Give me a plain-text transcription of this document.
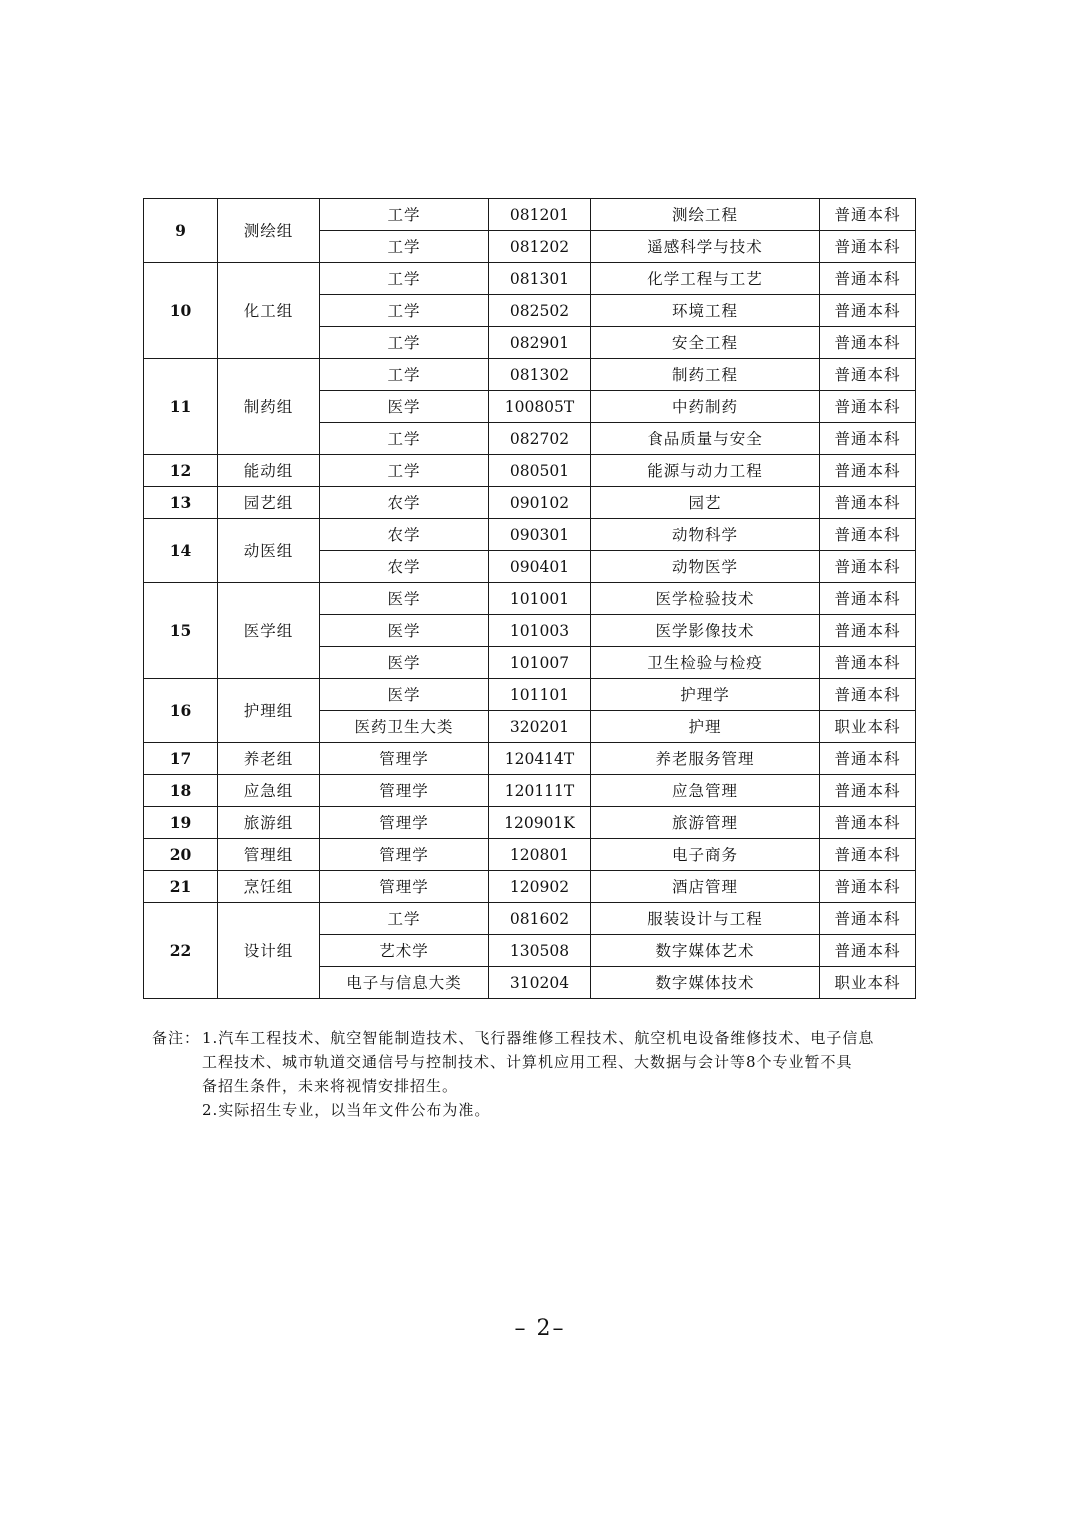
9	测绘组	工学	081201	测绘工程	普通本科
		工学	081202	遥感科学与技术	普通本科
10	化工组	工学	081301	化学工程与工艺	普通本科
		工学	082502	环境工程	普通本科
		工学	082901	安全工程	普通本科
11	制药组	工学	081302	制药工程	普通本科
		医学	100805T	中药制药	普通本科
		工学	082702	食品质量与安全	普通本科
12	能动组	工学	080501	能源与动力工程	普通本科
13	园艺组	农学	090102	园艺	普通本科
14	动医组	农学	090301	动物科学	普通本科
		农学	090401	动物医学	普通本科
15	医学组	医学	101001	医学检验技术	普通本科
		医学	101003	医学影像技术	普通本科
		医学	101007	卫生检验与检疫	普通本科
16	护理组	医学	101101	护理学	普通本科
		医药卫生大类	320201	护理	职业本科
17	养老组	管理学	120414T	养老服务管理	普通本科
18	应急组	管理学	120111T	应急管理	普通本科
19	旅游组	管理学	120901K	旅游管理	普通本科
20	管理组	管理学	120801	电子商务	普通本科
21	烹饪组	管理学	120902	酒店管理	普通本科
22	设计组	工学	081602	服装设计与工程	普通本科
		艺术学	130508	数字媒体艺术	普通本科
		电子与信息大类	310204	数字媒体技术	职业本科
备注： 1.汽车工程技术、航空智能制造技术、飞行器维修工程技术、航空机电设备维修技术、电子信息
工程技术、城市轨道交通信号与控制技术、计算机应用工程、大数据与会计等8个专业暂不具
备招生条件，未来将视情安排招生。
2.实际招生专业，以当年文件公布为准。
– 2–
